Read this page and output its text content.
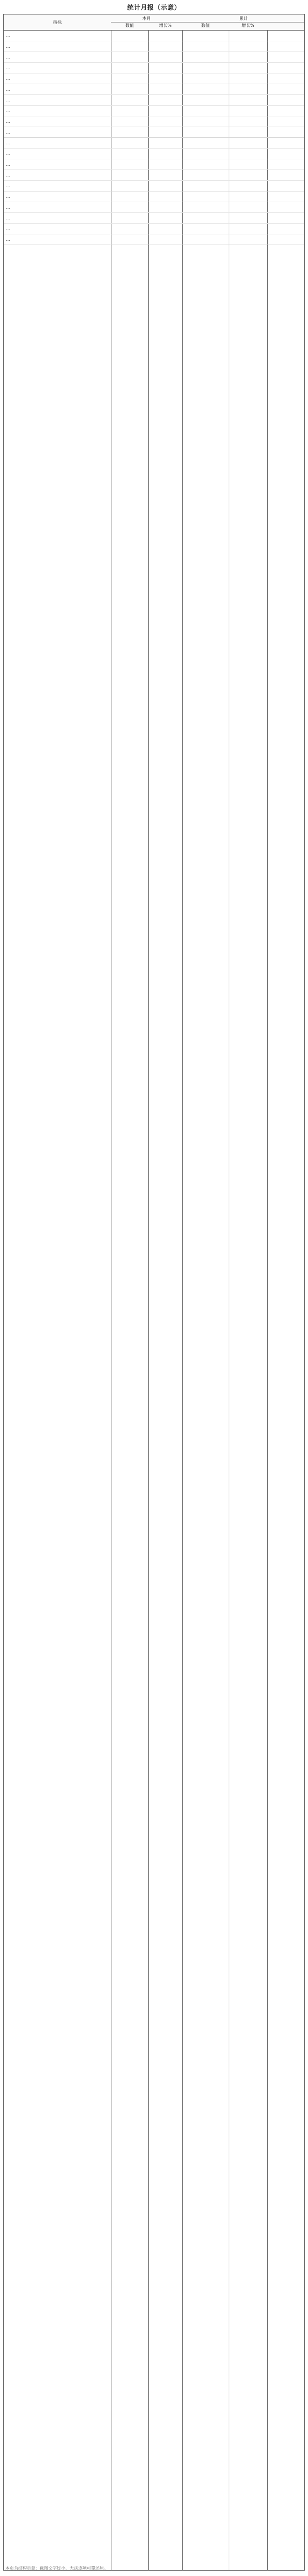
统计月报（示意）
指标
本月	累计
数值	增长%	数值	增长%
…
…
…
…
…
…
…
…
…
…
…
…
…
…
…
…
…
…
…
…
本页为结构示意：截图文字过小，无法逐项可靠还原。
